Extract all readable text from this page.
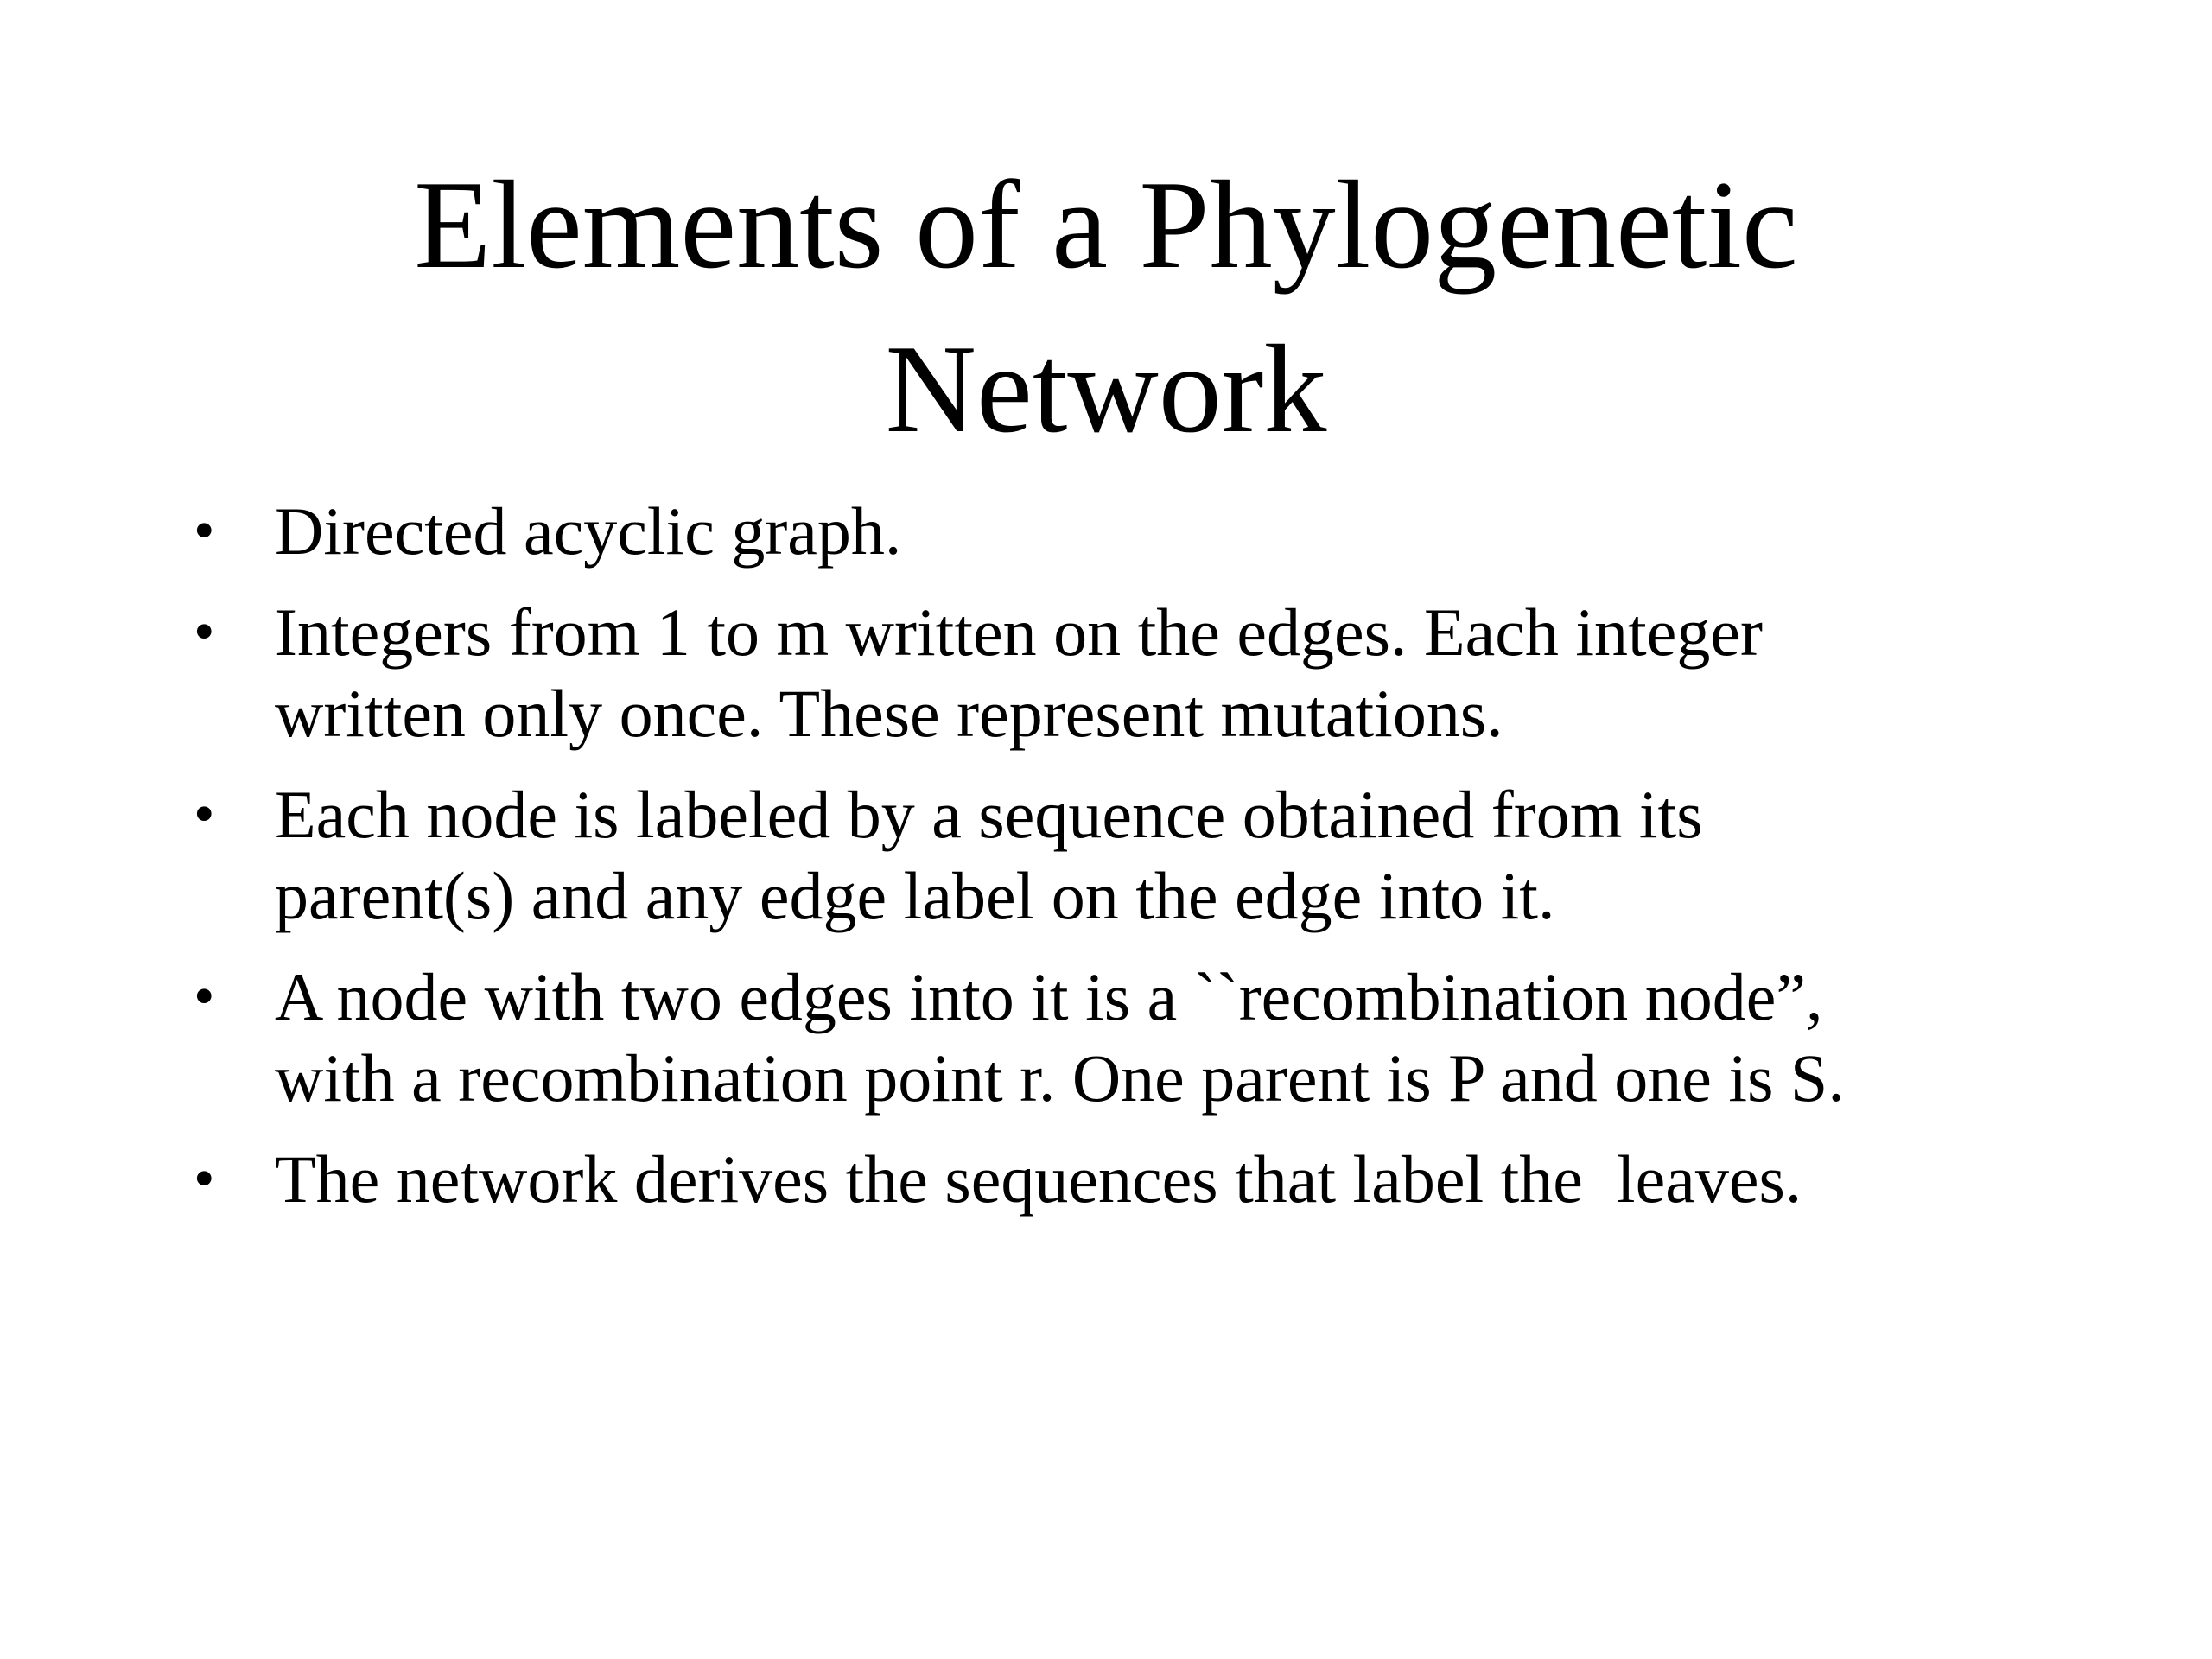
Elements of a Phylogenetic
Network
• Directed acyclic graph.
• Integers from 1 to m written on the edges. Each integer
written only once. These represent mutations.
• Each node is labeled by a sequence obtained from its
parent(s) and any edge label on the edge into it.
• A node with two edges into it is a ``recombination node”,
with a recombination point r. One parent is P and one is S.
• The network derives the sequences that label the  leaves.
